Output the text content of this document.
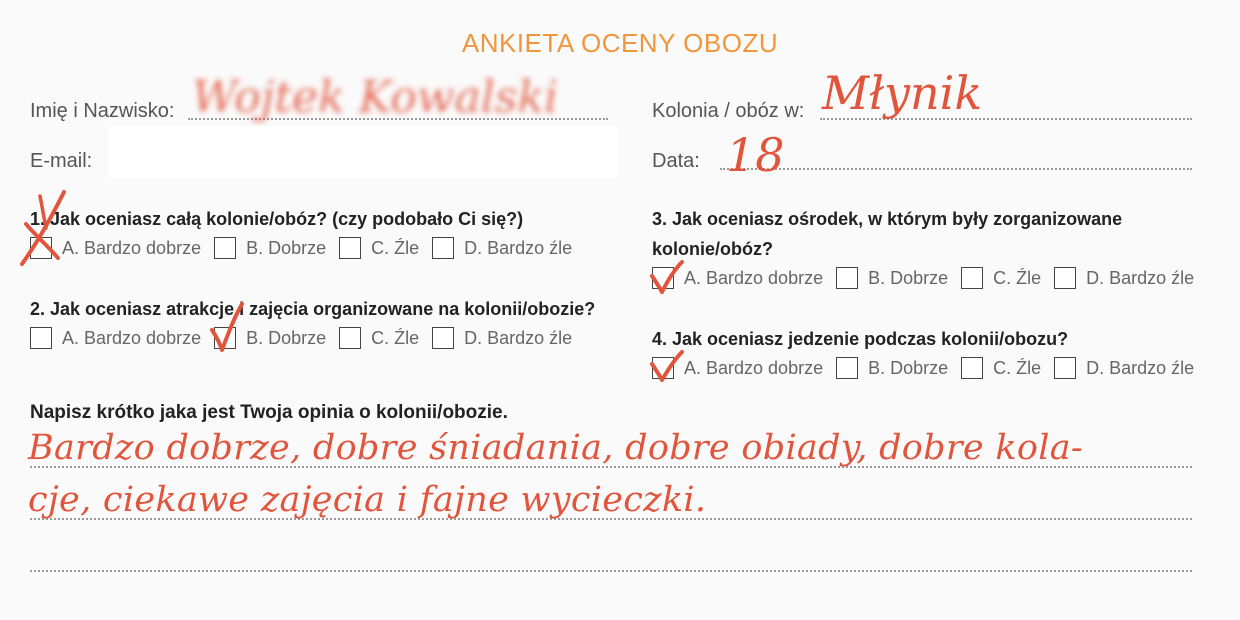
ANKIETA OCENY OBOZU
Imię i Nazwisko: Wojtek Kowalski
E-mail:
Kolonia / obóz w: Młynik
Data: 18
1. Jak oceniasz całą kolonie/obóz? (czy podobało Ci się?)
A. Bardzo dobrze	B. Dobrze	C. Źle	D. Bardzo źle
2. Jak oceniasz atrakcje i zajęcia organizowane na kolonii/obozie?
A. Bardzo dobrze	B. Dobrze	C. Źle	D. Bardzo źle
3. Jak oceniasz ośrodek, w którym były zorganizowane
kolonie/obóz?
A. Bardzo dobrze	B. Dobrze	C. Źle	D. Bardzo źle
4. Jak oceniasz jedzenie podczas kolonii/obozu?
A. Bardzo dobrze	B. Dobrze	C. Źle	D. Bardzo źle
Napisz krótko jaka jest Twoja opinia o kolonii/obozie.
Bardzo dobrze, dobre śniadania, dobre obiady, dobre kola-
cje, ciekawe zajęcia i fajne wycieczki.
